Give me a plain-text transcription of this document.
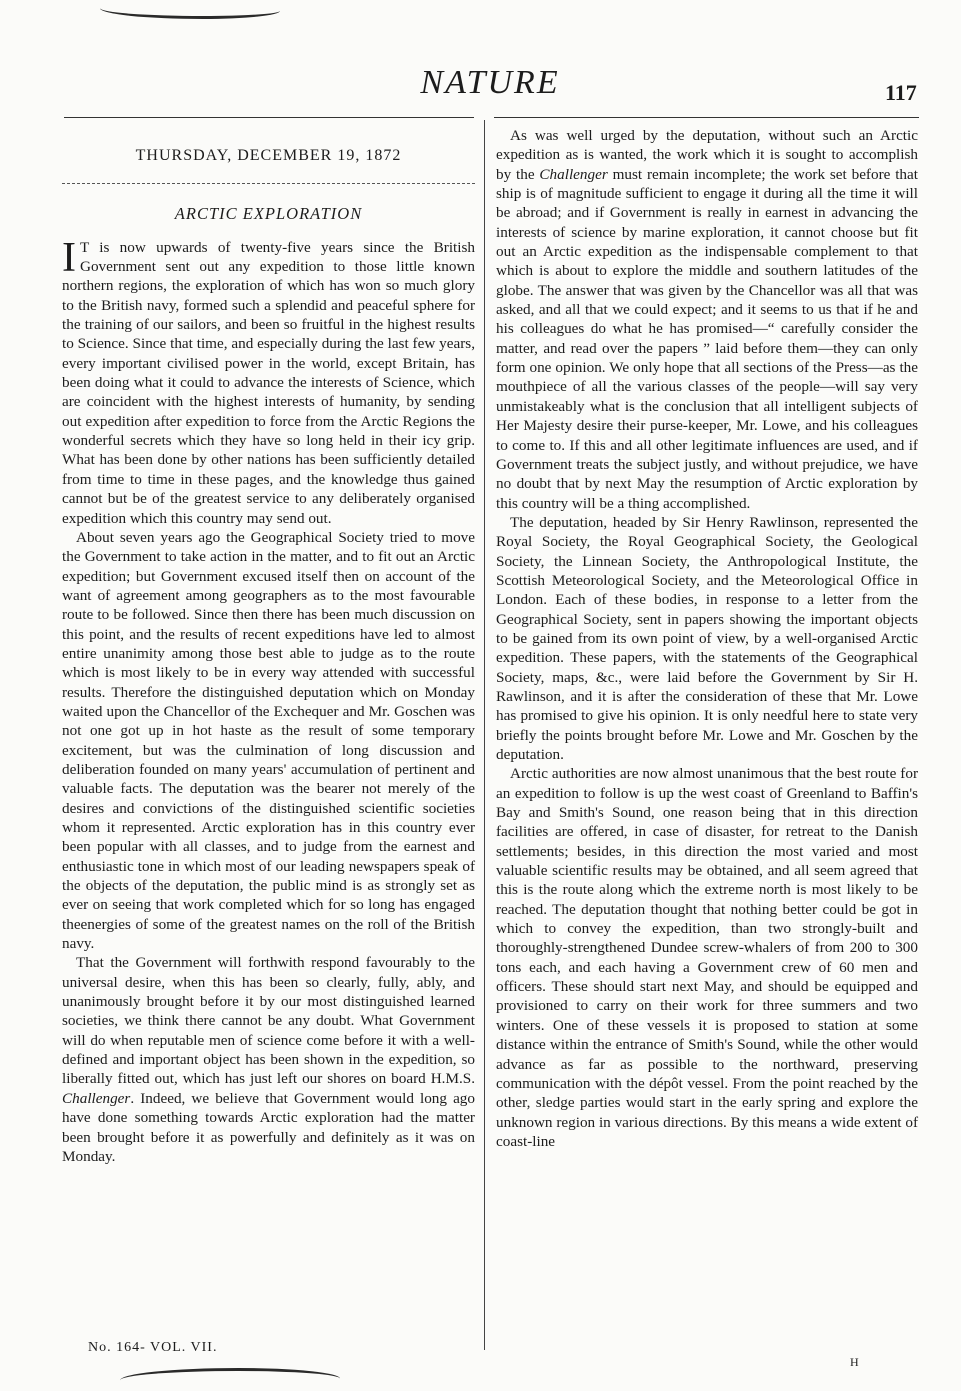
NATURE	117
THURSDAY, DECEMBER 19, 1872
ARCTIC EXPLORATION

I T is now upwards of twenty-five years since the British Government sent out any expedition to those little known northern regions, the exploration of which has won so much glory to the British navy, formed such a splendid and peaceful sphere for the training of our sailors, and been so fruitful in the highest results to Science. Since that time, and especially during the last few years, every important civilised power in the world, except Britain, has been doing what it could to advance the interests of Science, which are coincident with the highest interests of humanity, by sending out expedition after expedition to force from the Arctic Regions the wonderful secrets which they have so long held in their icy grip. What has been done by other nations has been sufficiently detailed from time to time in these pages, and the knowledge thus gained cannot but be of the greatest service to any deliberately organised expedition which this country may send out.

About seven years ago the Geographical Society tried to move the Government to take action in the matter, and to fit out an Arctic expedition; but Government excused itself then on account of the want of agreement among geographers as to the most favourable route to be followed. Since then there has been much discussion on this point, and the results of recent expeditions have led to almost entire unanimity among those best able to judge as to the route which is most likely to be in every way attended with successful results. Therefore the distinguished deputation which on Monday waited upon the Chancellor of the Exchequer and Mr. Goschen was not one got up in hot haste as the result of some temporary excitement, but was the culmination of long discussion and deliberation founded on many years' accumulation of pertinent and valuable facts. The deputation was the bearer not merely of the desires and convictions of the distinguished scientific societies whom it represented. Arctic exploration has in this country ever been popular with all classes, and to judge from the earnest and enthusiastic tone in which most of our leading newspapers speak of the objects of the deputation, the public mind is as strongly set as ever on seeing that work completed which for so long has engaged theenergies of some of the greatest names on the roll of the British navy.

That the Government will forthwith respond favourably to the universal desire, when this has been so clearly, fully, ably, and unanimously brought before it by our most distinguished learned societies, we think there cannot be any doubt. What Government will do when reputable men of science come before it with a well-defined and important object has been shown in the expedition, so liberally fitted out, which has just left our shores on board H.M.S. Challenger. Indeed, we believe that Government would long ago have done something towards Arctic exploration had the matter been brought before it as powerfully and definitely as it was on Monday.

As was well urged by the deputation, without such an Arctic expedition as is wanted, the work which it is sought to accomplish by the Challenger must remain incomplete; the work set before that ship is of magnitude sufficient to engage it during all the time it will be abroad; and if Government is really in earnest in advancing the interests of science by marine exploration, it cannot choose but fit out an Arctic expedition as the indispensable complement to that which is about to explore the middle and southern latitudes of the globe. The answer that was given by the Chancellor was all that was asked, and all that we could expect; and it seems to us that if he and his colleagues do what he has promised—“ carefully consider the matter, and read over the papers ” laid before them—they can only form one opinion. We only hope that all sections of the Press—as the mouthpiece of all the various classes of the people—will say very unmistakeably what is the conclusion that all intelligent subjects of Her Majesty desire their purse-keeper, Mr. Lowe, and his colleagues to come to. If this and all other legitimate influences are used, and if Government treats the subject justly, and without prejudice, we have no doubt that by next May the resumption of Arctic exploration by this country will be a thing accomplished.

The deputation, headed by Sir Henry Rawlinson, represented the Royal Society, the Royal Geographical Society, the Geological Society, the Linnean Society, the Anthropological Institute, the Scottish Meteorological Society, and the Meteorological Office in London. Each of these bodies, in response to a letter from the Geographical Society, sent in papers showing the important objects to be gained from its own point of view, by a well-organised Arctic expedition. These papers, with the statements of the Geographical Society, maps, &c., were laid before the Government by Sir H. Rawlinson, and it is after the consideration of these that Mr. Lowe has promised to give his opinion. It is only needful here to state very briefly the points brought before Mr. Lowe and Mr. Goschen by the deputation.

Arctic authorities are now almost unanimous that the best route for an expedition to follow is up the west coast of Greenland to Baffin's Bay and Smith's Sound, one reason being that in this direction facilities are offered, in case of disaster, for retreat to the Danish settlements; besides, in this direction the most varied and most valuable scientific results may be obtained, and all seem agreed that this is the route along which the extreme north is most likely to be reached. The deputation thought that nothing better could be got in which to convey the expedition, than two strongly-built and thoroughly-strengthened Dundee screw-whalers of from 200 to 300 tons each, and each having a Government crew of 60 men and officers. These should start next May, and should be equipped and provisioned to carry on their work for three summers and two winters. One of these vessels it is proposed to station at some distance within the entrance of Smith's Sound, while the other would advance as far as possible to the northward, preserving communication with the dépôt vessel. From the point reached by the other, sledge parties would start in the early spring and explore the unknown region in various directions. By this means a wide extent of coast-line

No. 164- VOL. VII.
H
